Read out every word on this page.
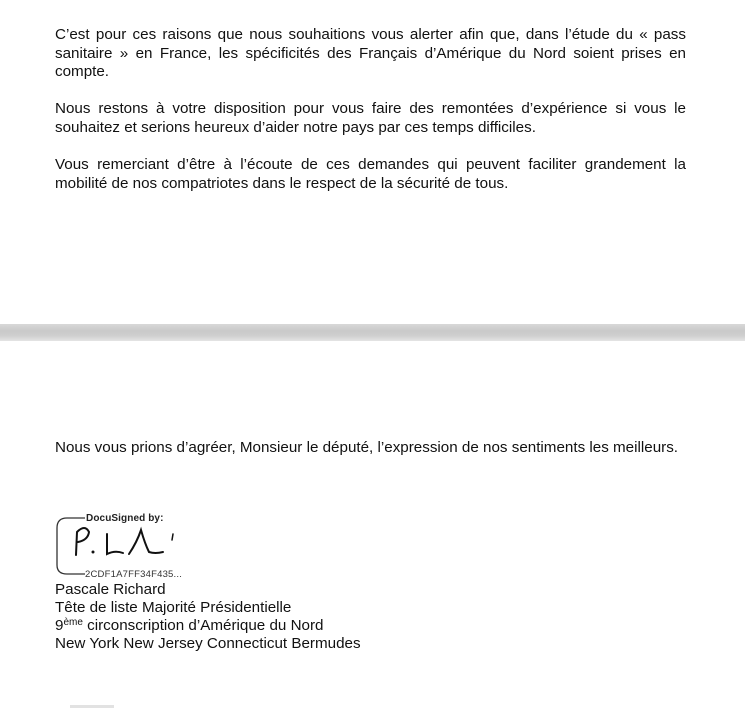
C’est pour ces raisons que nous souhaitions vous alerter afin que, dans l’étude du « pass sanitaire » en France, les spécificités des Français d’Amérique du Nord soient prises en compte.

Nous restons à votre disposition pour vous faire des remontées d’expérience si vous le souhaitez et serions heureux d’aider notre pays par ces temps difficiles.

Vous remerciant d’être à l’écoute de ces demandes qui peuvent faciliter grandement la mobilité de nos compatriotes dans le respect de la sécurité de tous.

Nous vous prions d’agréer, Monsieur le député, l’expression de nos sentiments les meilleurs.

DocuSigned by:
2CDF1A7FF34F435...
Pascale Richard
Tête de liste Majorité Présidentielle
9ème circonscription d’Amérique du Nord
New York New Jersey Connecticut Bermudes
